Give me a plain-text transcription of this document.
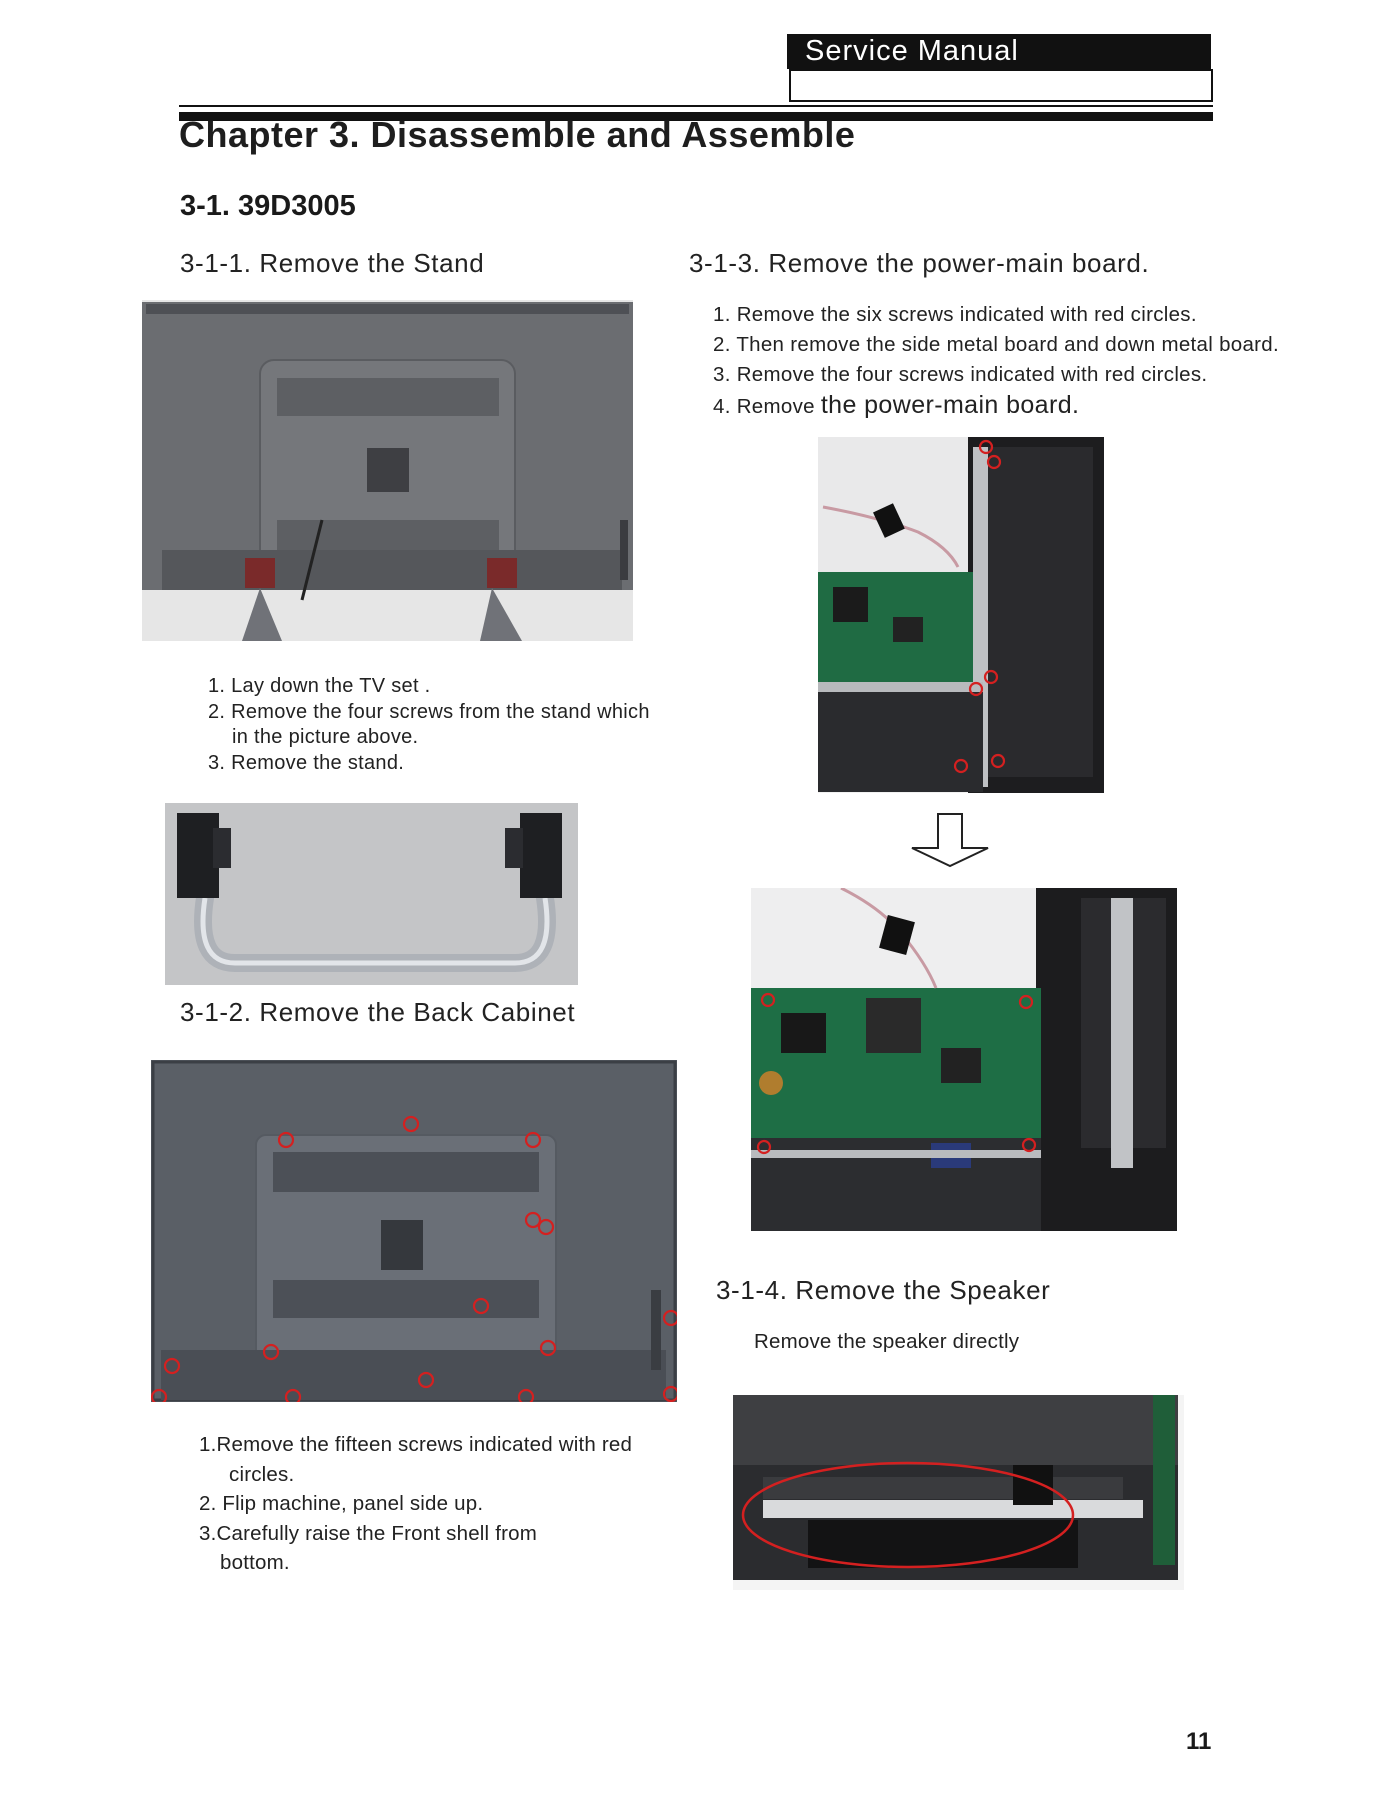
Service Manual
Chapter 3. Disassemble and Assemble
3-1. 39D3005
3-1-1. Remove the Stand
1. Lay down the TV set .
2. Remove the four screws from the stand which
in the picture above.
3. Remove the stand.
3-1-2. Remove the Back Cabinet
1.Remove the fifteen screws indicated with red
circles.
2. Flip machine, panel side up.
3.Carefully raise the Front shell from
bottom.
3-1-3. Remove the power-main board.
1. Remove the six screws indicated with red circles.
2. Then remove the side metal board and down metal board.
3. Remove the four screws indicated with red circles.
4. Remove the power-main board.
3-1-4. Remove the Speaker
Remove the speaker directly
11
